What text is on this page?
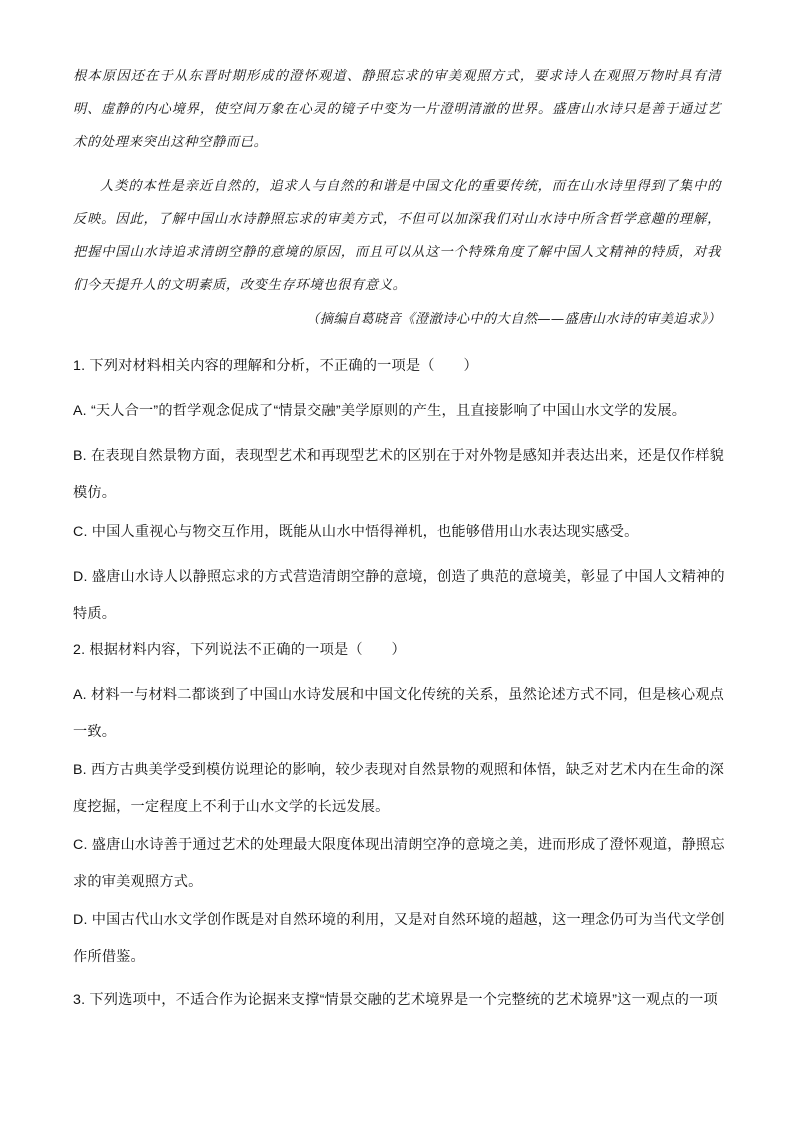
根本原因还在于从东晋时期形成的澄怀观道、静照忘求的审美观照方式，要求诗人在观照万物时具有清明、虚静的内心境界，使空间万象在心灵的镜子中变为一片澄明清澈的世界。盛唐山水诗只是善于通过艺术的处理来突出这种空静而已。

人类的本性是亲近自然的，追求人与自然的和谐是中国文化的重要传统，而在山水诗里得到了集中的反映。因此，了解中国山水诗静照忘求的审美方式，不但可以加深我们对山水诗中所含哲学意趣的理解，把握中国山水诗追求清朗空静的意境的原因，而且可以从这一个特殊角度了解中国人文精神的特质，对我们今天提升人的文明素质，改变生存环境也很有意义。

（摘编自葛晓音《澄澈诗心中的大自然——盛唐山水诗的审美追求》）

1. 下列对材料相关内容的理解和分析，不正确的一项是（　　）

A. “天人合一”的哲学观念促成了“情景交融”美学原则的产生，且直接影响了中国山水文学的发展。

B. 在表现自然景物方面，表现型艺术和再现型艺术的区别在于对外物是感知并表达出来，还是仅作样貌模仿。

C. 中国人重视心与物交互作用，既能从山水中悟得禅机，也能够借用山水表达现实感受。

D. 盛唐山水诗人以静照忘求的方式营造清朗空静的意境，创造了典范的意境美，彰显了中国人文精神的特质。

2. 根据材料内容，下列说法不正确的一项是（　　）

A. 材料一与材料二都谈到了中国山水诗发展和中国文化传统的关系，虽然论述方式不同，但是核心观点一致。

B. 西方古典美学受到模仿说理论的影响，较少表现对自然景物的观照和体悟，缺乏对艺术内在生命的深度挖掘，一定程度上不利于山水文学的长远发展。

C. 盛唐山水诗善于通过艺术的处理最大限度体现出清朗空净的意境之美，进而形成了澄怀观道，静照忘求的审美观照方式。

D. 中国古代山水文学创作既是对自然环境的利用，又是对自然环境的超越，这一理念仍可为当代文学创作所借鉴。

3. 下列选项中，不适合作为论据来支撑“情景交融的艺术境界是一个完整统的艺术境界”这一观点的一项
